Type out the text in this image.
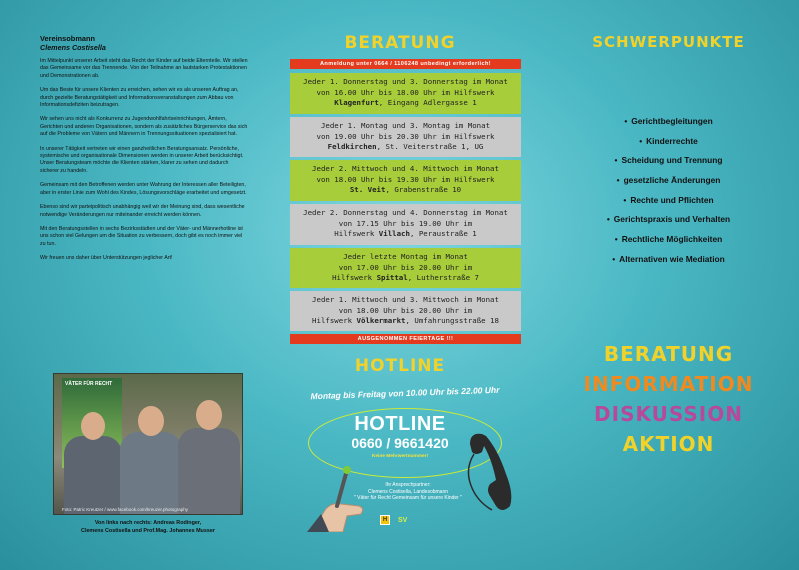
Vereinsobmann
Clemens Costisella

Im Mittelpunkt unserer Arbeit steht das Recht der Kinder auf beide Elternteile. Wir stellen das Gemeinsame vor das Trennende. Von der Teilnahme an lautstarken Protestaktionen und Demonstrationen ab.

Um das Beste für unsere Klienten zu erreichen, sehen wir es als unseren Auftrag an, durch gezielte Beratungstätigkeit und Informationsveranstaltungen zum Abbau von Informationsdefiziten beizutragen.

Wir sehen uns nicht als Konkurrenz zu Jugendwohlfahrtseinrichtungen, Ämtern, Gerichten und anderen Organisationen, sondern als zusätzliches Bürgerservice das sich auf die Probleme von Vätern und Männern in Trennungssituationen spezialisiert hat.

In unserer Tätigkeit vertreten wir einen ganzheitlichen Beratungsansatz. Persönliche, systemische und organisationale Dimensionen werden in unserer Arbeit berücksichtigt. Unser Beratungsteam möchte die Klienten stärken, klarer zu sehen und dadurch sicherer zu handeln.

Gemeinsam mit den Betroffenen werden unter Wahrung der Interessen aller Beteiligten, aber in erster Linie zum Wohl des Kindes, Lösungsvorschläge erarbeitet und umgesetzt.

Ebenso sind wir parteipolitisch unabhängig weil wir der Meinung sind, dass wesentliche notwendige Veränderungen nur miteinander erreicht werden können.

Mit den Beratungsstellen in sechs Bezirksstädten und der Väter- und Männerhotline ist uns schon viel Gelungen um die Situation zu verbessern, doch gibt es noch immer viel zu tun.

Wir freuen uns daher über Unterstützungen jeglicher Art!

VÄTER FÜR RECHT
Foto: Patric Kreutzer / www.facebook.com/kreuzer.photography
Von links nach rechts: Andreas Rodinger,
Clemens Costisella und Prof.Mag. Johannes Musser
BERATUNG
Anmeldung unter 0664 / 1106248 unbedingt erforderlich!
Jeder 1. Donnerstag und 3. Donnerstag im Monat
von 16.00 Uhr bis 18.00 Uhr im Hilfswerk
Klagenfurt, Eingang Adlergasse 1
Jeder 1. Montag und 3. Montag im Monat
von 19.00 Uhr bis 20.30 Uhr im Hilfswerk
Feldkirchen, St. Veiterstraße 1, UG
Jeder 2. Mittwoch und 4. Mittwoch im Monat
von 18.00 Uhr bis 19.30 Uhr im Hilfswerk
St. Veit, Grabenstraße 10
Jeder 2. Donnerstag und 4. Donnerstag im Monat
von 17.15 Uhr bis 19.00 Uhr im
Hilfswerk Villach, Peraustraße 1
Jeder letzte Montag im Monat
von 17.00 Uhr bis 20.00 Uhr im
Hilfswerk Spittal, Lutherstraße 7
Jeder 1. Mittwoch und 3. Mittwoch im Monat
von 18.00 Uhr bis 20.00 Uhr im
Hilfswerk Völkermarkt, Umfahrungsstraße 18
AUSGENOMMEN FEIERTAGE !!!
HOTLINE
Montag bis Freitag von 10.00 Uhr bis 22.00 Uhr
HOTLINE
0660 / 9661420
Keine Mehrwertnummer!
Ihr Ansprechpartner:
Clemens Costisella, Landesobmann
" Väter für Recht Gemeinsam für unsere Kinder "
H	SV
SCHWERPUNKTE
• Gerichtbegleitungen
• Kinderrechte
• Scheidung und Trennung
• gesetzliche Änderungen
• Rechte und Pflichten
• Gerichtspraxis und Verhalten
• Rechtliche Möglichkeiten
• Alternativen wie Mediation
BERATUNG
INFORMATION
DISKUSSION
AKTION
